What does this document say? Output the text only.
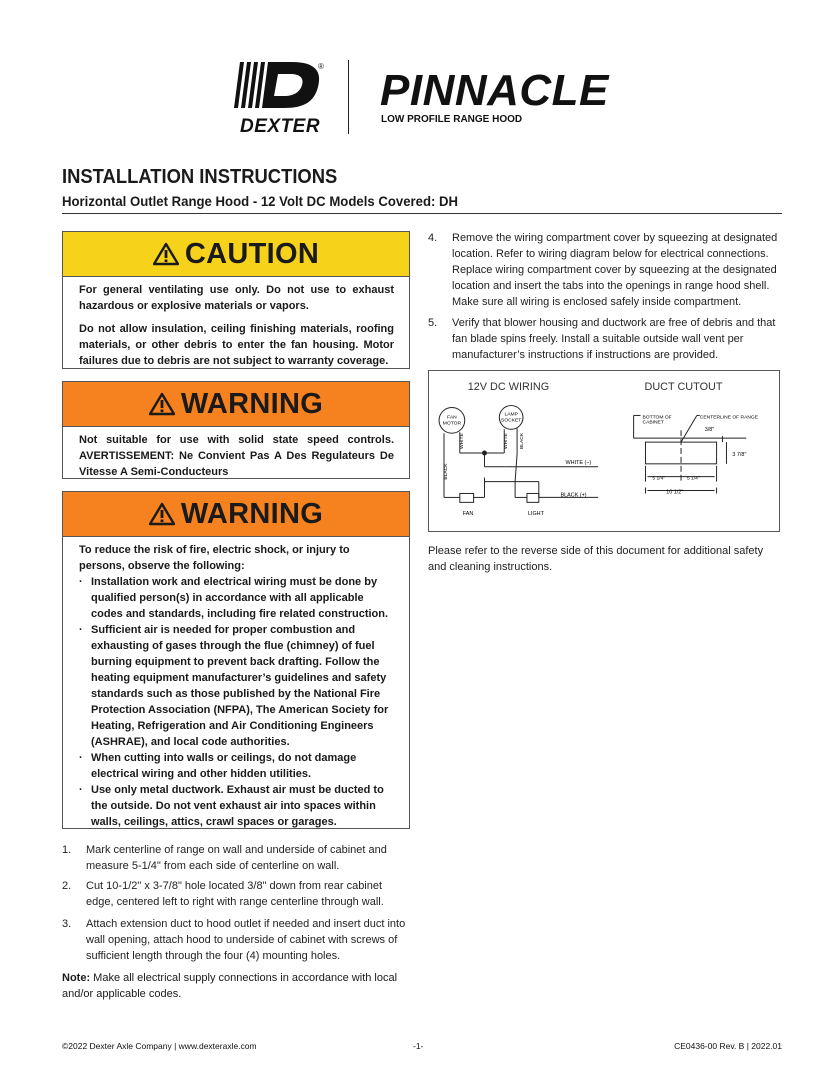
®
DEXTER
PINNACLE
LOW PROFILE RANGE HOOD
INSTALLATION INSTRUCTIONS
Horizontal Outlet Range Hood - 12 Volt DC Models Covered: DH
CAUTION

For general ventilating use only. Do not use to exhaust hazardous or explosive materials or vapors.

Do not allow insulation, ceiling finishing materials, roofing materials, or other debris to enter the fan housing. Motor failures due to debris are not subject to warranty coverage.

WARNING

Not suitable for use with solid state speed controls. AVERTISSEMENT: Ne Convient Pas A Des Regulateurs De Vitesse A Semi-Conducteurs

WARNING

To reduce the risk of fire, electric shock, or injury to persons, observe the following:

· Installation work and electrical wiring must be done by qualified person(s) in accordance with all applicable codes and standards, including fire related construction.
· Sufficient air is needed for proper combustion and exhausting of gases through the flue (chimney) of fuel burning equipment to prevent back drafting. Follow the heating equipment manufacturer’s guidelines and safety standards such as those published by the National Fire Protection Association (NFPA), The American Society for Heating, Refrigeration and Air Conditioning Engineers (ASHRAE), and local code authorities.
· When cutting into walls or ceilings, do not damage electrical wiring and other hidden utilities.
· Use only metal ductwork. Exhaust air must be ducted to the outside. Do not vent exhaust air into spaces within walls, ceilings, attics, crawl spaces or garages.
1.	Mark centerline of range on wall and underside of cabinet and measure 5-1/4" from each side of centerline on wall.
2.	Cut 10-1/2" x 3-7/8" hole located 3/8" down from rear cabinet edge, centered left to right with range centerline through wall.
3.	Attach extension duct to hood outlet if needed and insert duct into wall opening, attach hood to underside of cabinet with screws of sufficient length through the four (4) mounting holes.
Note: Make all electrical supply connections in accordance with local and/or applicable codes.
4.	Remove the wiring compartment cover by squeezing at designated location. Refer to wiring diagram below for electrical connections. Replace wiring compartment cover by squeezing at the designated location and insert the tabs into the openings in range hood shell. Make sure all wiring is enclosed safely inside compartment.
5.	Verify that blower housing and ductwork are free of debris and that fan blade spins freely. Install a suitable outside wall vent per manufacturer’s instructions if instructions are provided.
12V DC WIRING
FAN
MOTOR
LAMP
SOCKET
WHITE	WHITE BLACK
BLACK
WHITE (−)
BLACK (+)
FAN	LIGHT
DUCT CUTOUT
BOTTOM OF
CABINET
CENTERLINE OF RANGE
3/8"
3 7/8"
5 1/4"	5 1/4"
10 1/2"
Please refer to the reverse side of this document for additional safety and cleaning instructions.
©2022 Dexter Axle Company | www.dexteraxle.com	-1-	CE0436-00 Rev. B | 2022.01
